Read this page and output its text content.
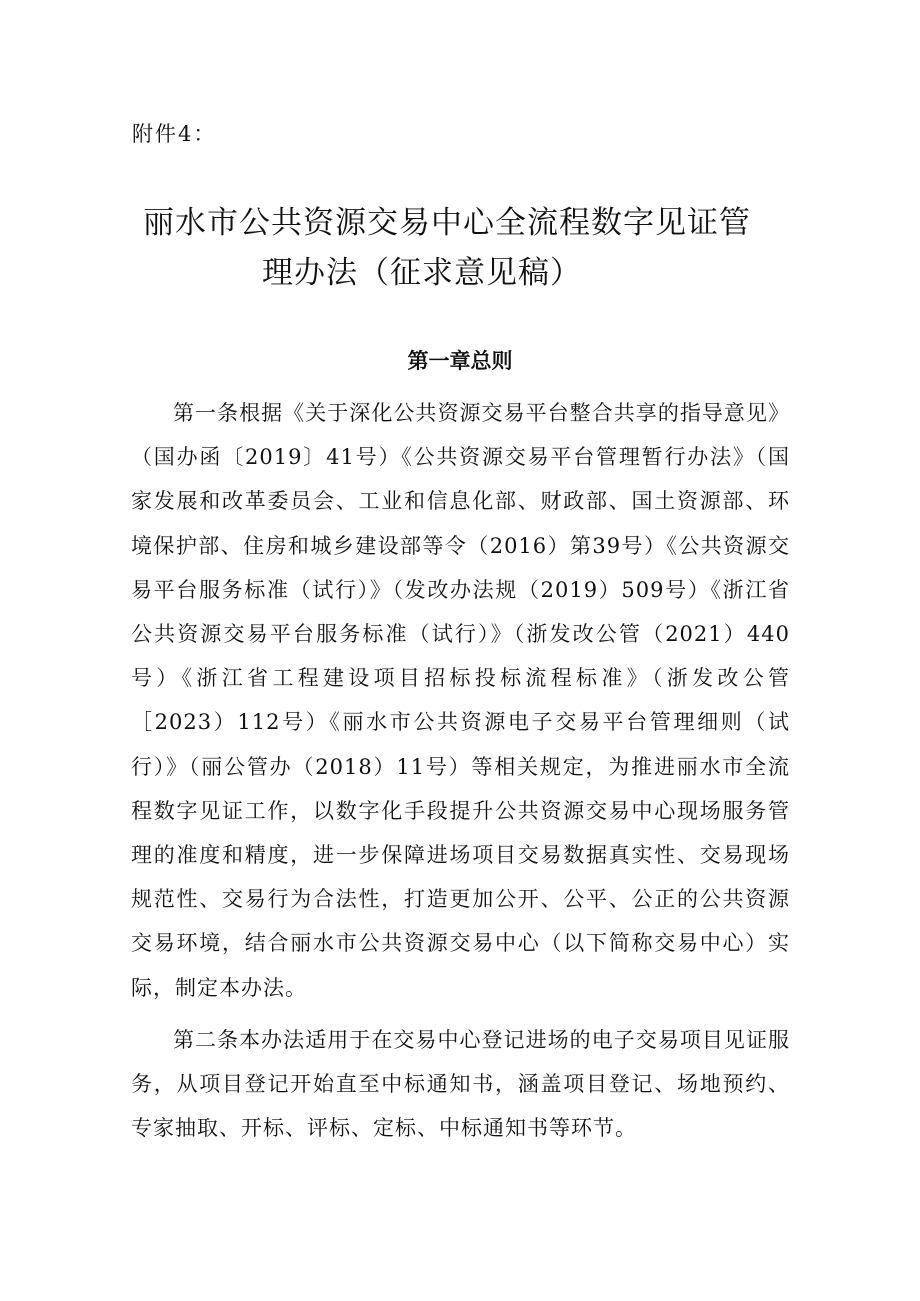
附件4：
丽水市公共资源交易中心全流程数字见证管
理办法（征求意见稿）
第一章总则

第一条根据《关于深化公共资源交易平台整合共享的指导意见》（国办函〔2019〕41号）《公共资源交易平台管理暂行办法》（国家发展和改革委员会、工业和信息化部、财政部、国土资源部、环境保护部、住房和城乡建设部等令（2016）第39号）《公共资源交易平台服务标准（试行）》（发改办法规（2019）509号）《浙江省公共资源交易平台服务标准（试行）》（浙发改公管（2021）440号）《浙江省工程建设项目招标投标流程标准》（浙发改公管［2023）112号）《丽水市公共资源电子交易平台管理细则（试行）》（丽公管办（2018）11号）等相关规定，为推进丽水市全流程数字见证工作，以数字化手段提升公共资源交易中心现场服务管理的准度和精度，进一步保障进场项目交易数据真实性、交易现场规范性、交易行为合法性，打造更加公开、公平、公正的公共资源交易环境，结合丽水市公共资源交易中心（以下简称交易中心）实际，制定本办法。

第二条本办法适用于在交易中心登记进场的电子交易项目见证服务，从项目登记开始直至中标通知书，涵盖项目登记、场地预约、专家抽取、开标、评标、定标、中标通知书等环节。
